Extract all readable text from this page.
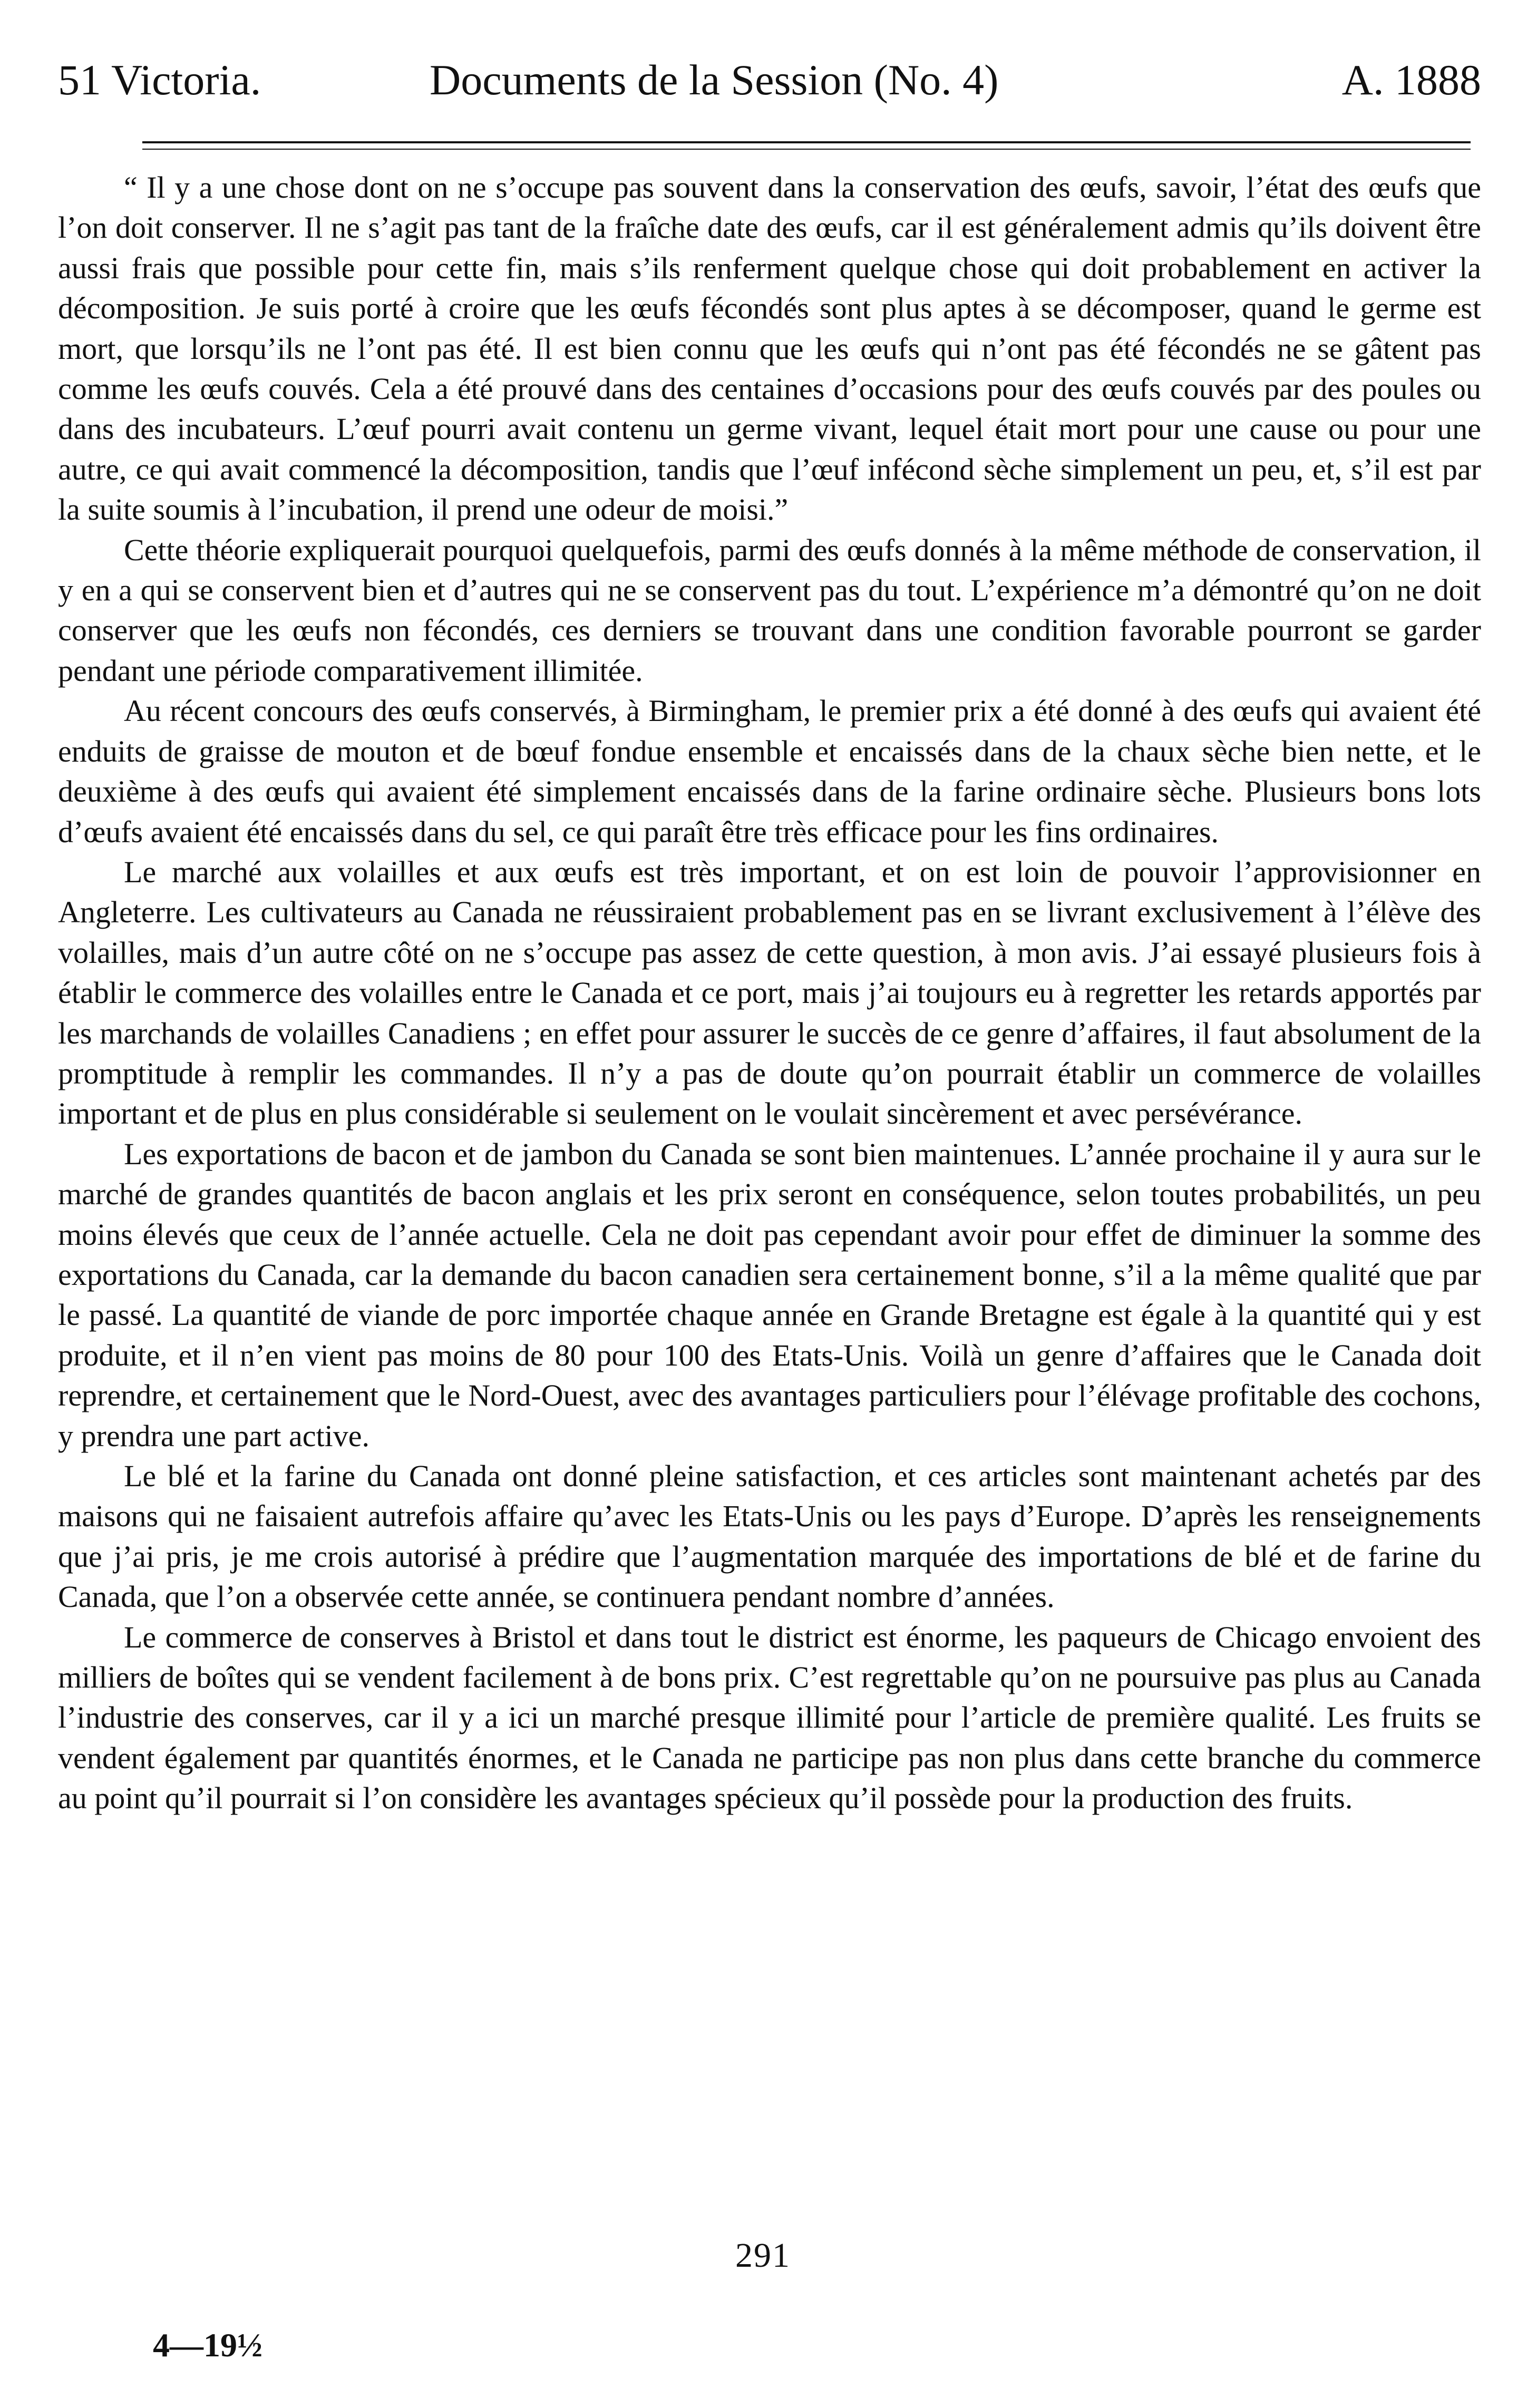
51 Victoria.	Documents de la Session (No. 4)	A. 1888

“ Il y a une chose dont on ne s’occupe pas souvent dans la conservation des œufs, savoir, l’état des œufs que l’on doit conserver. Il ne s’agit pas tant de la fraîche date des œufs, car il est généralement admis qu’ils doivent être aussi frais que possible pour cette fin, mais s’ils renferment quelque chose qui doit probablement en activer la décomposition. Je suis porté à croire que les œufs fécondés sont plus aptes à se décomposer, quand le germe est mort, que lorsqu’ils ne l’ont pas été. Il est bien connu que les œufs qui n’ont pas été fécondés ne se gâtent pas comme les œufs couvés. Cela a été prouvé dans des centaines d’occasions pour des œufs couvés par des poules ou dans des incubateurs. L’œuf pourri avait contenu un germe vivant, lequel était mort pour une cause ou pour une autre, ce qui avait commencé la décomposition, tandis que l’œuf infécond sèche simplement un peu, et, s’il est par la suite soumis à l’incubation, il prend une odeur de moisi.”

Cette théorie expliquerait pourquoi quelquefois, parmi des œufs donnés à la même méthode de conservation, il y en a qui se conservent bien et d’autres qui ne se conservent pas du tout. L’expérience m’a démontré qu’on ne doit conserver que les œufs non fécondés, ces derniers se trouvant dans une condition favorable pourront se garder pendant une période comparativement illimitée.

Au récent concours des œufs conservés, à Birmingham, le premier prix a été donné à des œufs qui avaient été enduits de graisse de mouton et de bœuf fondue ensemble et encaissés dans de la chaux sèche bien nette, et le deuxième à des œufs qui avaient été simplement encaissés dans de la farine ordinaire sèche. Plusieurs bons lots d’œufs avaient été encaissés dans du sel, ce qui paraît être très efficace pour les fins ordinaires.

Le marché aux volailles et aux œufs est très important, et on est loin de pouvoir l’approvisionner en Angleterre. Les cultivateurs au Canada ne réussiraient probablement pas en se livrant exclusivement à l’élève des volailles, mais d’un autre côté on ne s’occupe pas assez de cette question, à mon avis. J’ai essayé plusieurs fois à établir le commerce des volailles entre le Canada et ce port, mais j’ai toujours eu à regretter les retards apportés par les marchands de volailles Canadiens ; en effet pour assurer le succès de ce genre d’affaires, il faut absolument de la promptitude à remplir les commandes. Il n’y a pas de doute qu’on pourrait établir un commerce de volailles important et de plus en plus considérable si seulement on le voulait sincèrement et avec persévérance.

Les exportations de bacon et de jambon du Canada se sont bien maintenues. L’année prochaine il y aura sur le marché de grandes quantités de bacon anglais et les prix seront en conséquence, selon toutes probabilités, un peu moins élevés que ceux de l’année actuelle. Cela ne doit pas cependant avoir pour effet de diminuer la somme des exportations du Canada, car la demande du bacon canadien sera certainement bonne, s’il a la même qualité que par le passé. La quantité de viande de porc importée chaque année en Grande Bretagne est égale à la quantité qui y est produite, et il n’en vient pas moins de 80 pour 100 des Etats-Unis. Voilà un genre d’affaires que le Canada doit reprendre, et certainement que le Nord-Ouest, avec des avantages particuliers pour l’élévage profitable des cochons, y prendra une part active.

Le blé et la farine du Canada ont donné pleine satisfaction, et ces articles sont maintenant achetés par des maisons qui ne faisaient autrefois affaire qu’avec les Etats-Unis ou les pays d’Europe. D’après les renseignements que j’ai pris, je me crois autorisé à prédire que l’augmentation marquée des importations de blé et de farine du Canada, que l’on a observée cette année, se continuera pendant nombre d’années.

Le commerce de conserves à Bristol et dans tout le district est énorme, les paqueurs de Chicago envoient des milliers de boîtes qui se vendent facilement à de bons prix. C’est regrettable qu’on ne poursuive pas plus au Canada l’industrie des conserves, car il y a ici un marché presque illimité pour l’article de première qualité. Les fruits se vendent également par quantités énormes, et le Canada ne participe pas non plus dans cette branche du commerce au point qu’il pourrait si l’on considère les avantages spécieux qu’il possède pour la production des fruits.

291
4—19½
